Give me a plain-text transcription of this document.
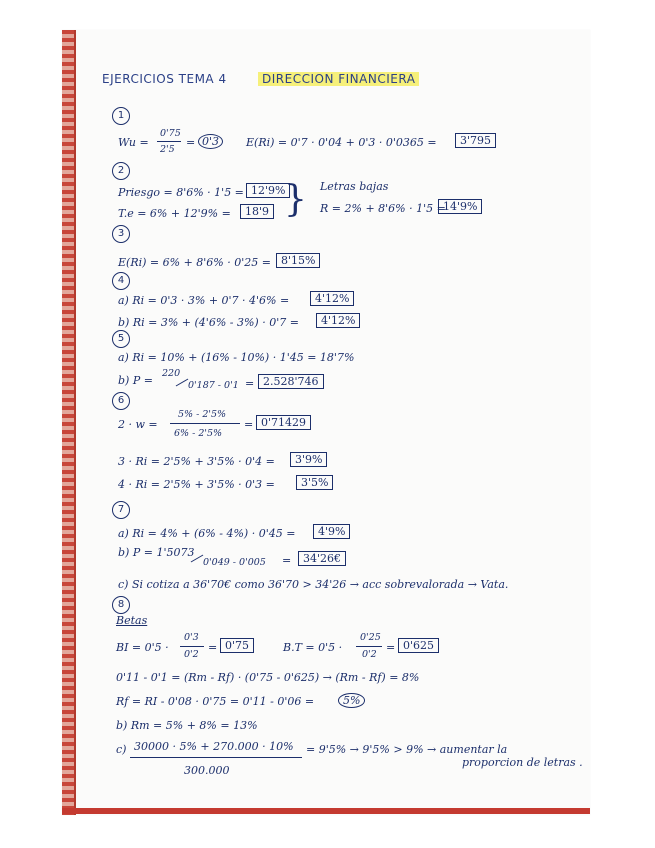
EJERCICIOS TEMA 4	DIRECCION FINANCIERA
1
Wu =
0'75
2'5
= 0'3	E(Ri) = 0'7 · 0'04 + 0'3 · 0'0365 =	3'795
2
Priesgo = 8'6% · 1'5 = 12'9%
T.e = 6% + 12'9% =	18'9 } Letras bajas
R = 2% + 8'6% · 1'5 =
14'9%
3
E(Ri) = 6% + 8'6% · 0'25 = 8'15%
4
a) Ri = 0'3 · 3% + 0'7 · 4'6% =	4'12%
b) Ri = 3% + (4'6% - 3%) · 0'7 =	4'12%
5
a) Ri = 10% + (16% - 10%) · 1'45 = 18'7%
b) P =
220
0'187 - 0'1 = 2.528'746
6
2 · w =
5% - 2'5%
6% - 2'5%
= 0'71429
3 · Ri = 2'5% + 3'5% · 0'4 =	3'9%
4 · Ri = 2'5% + 3'5% · 0'3 =	3'5%
7
a) Ri = 4% + (6% - 4%) · 0'45 =	4'9%
b) P = 1'5073
0'049 - 0'005 =	34'26€
c) Si cotiza a 36'70€ como 36'70 > 34'26 → acc sobrevalorada → Vata.
8
Betas
BI = 0'5 ·
0'3
0'2
= 0'75	B.T = 0'5 ·
0'25
0'2
= 0'625
0'11 - 0'1 = (Rm - Rf) · (0'75 - 0'625) → (Rm - Rf) = 8%
Rf = RI - 0'08 · 0'75 = 0'11 - 0'06 =	5%
b) Rm = 5% + 8% = 13%
c) 30000 · 5% + 270.000 · 10%
300.000
= 9'5% → 9'5% > 9% → aumentar la
proporcion de letras .
